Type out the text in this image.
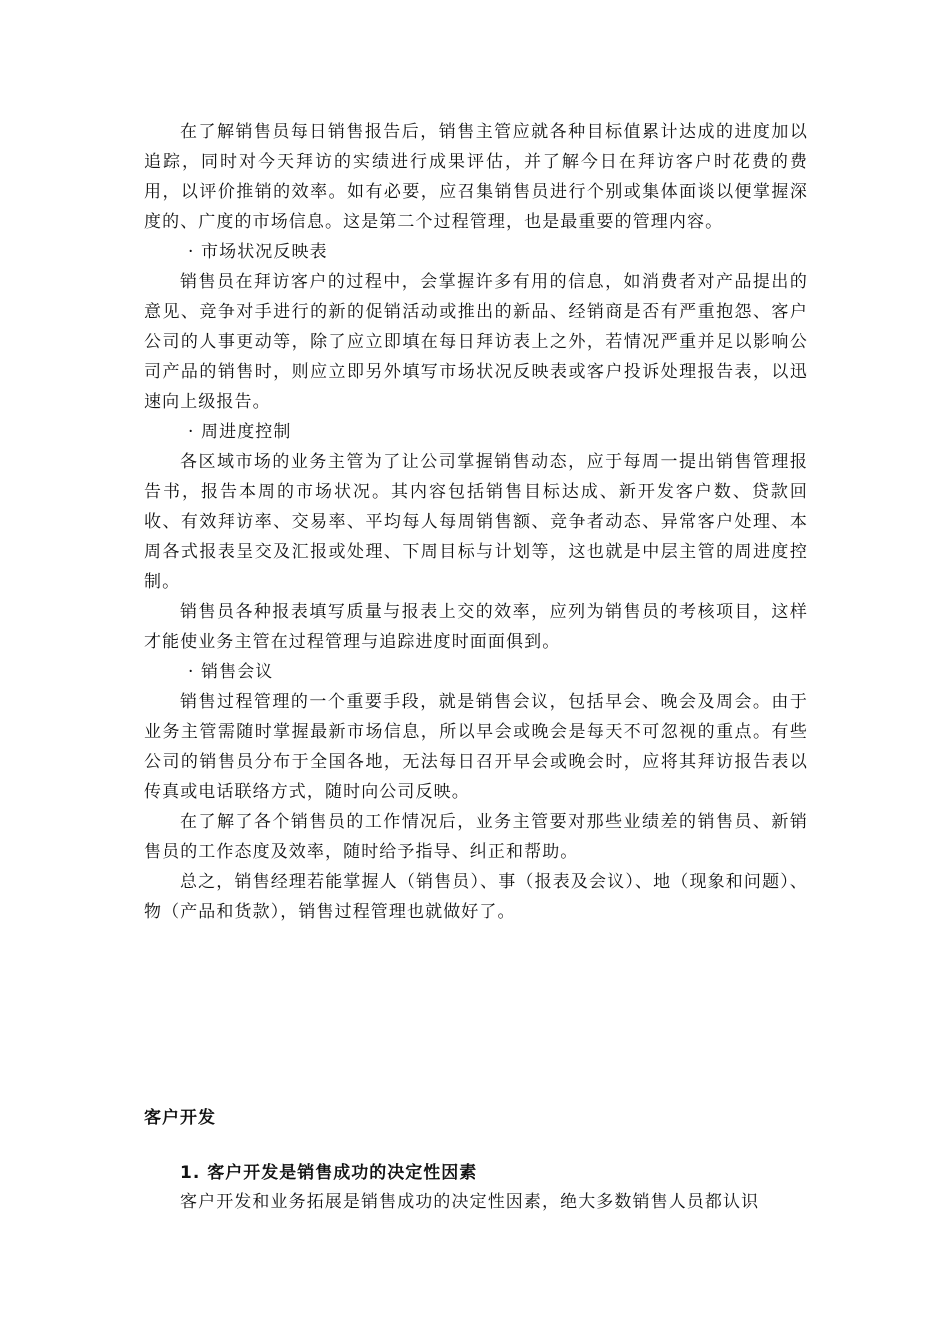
在了解销售员每日销售报告后，销售主管应就各种目标值累计达成的进度加以追踪，同时对今天拜访的实绩进行成果评估，并了解今日在拜访客户时花费的费用，以评价推销的效率。如有必要，应召集销售员进行个别或集体面谈以便掌握深度的、广度的市场信息。这是第二个过程管理，也是最重要的管理内容。

· 市场状况反映表

销售员在拜访客户的过程中，会掌握许多有用的信息，如消费者对产品提出的意见、竞争对手进行的新的促销活动或推出的新品、经销商是否有严重抱怨、客户公司的人事更动等，除了应立即填在每日拜访表上之外，若情况严重并足以影响公司产品的销售时，则应立即另外填写市场状况反映表或客户投诉处理报告表，以迅速向上级报告。

· 周进度控制

各区域市场的业务主管为了让公司掌握销售动态，应于每周一提出销售管理报告书，报告本周的市场状况。其内容包括销售目标达成、新开发客户数、贷款回收、有效拜访率、交易率、平均每人每周销售额、竞争者动态、异常客户处理、本周各式报表呈交及汇报或处理、下周目标与计划等，这也就是中层主管的周进度控制。

销售员各种报表填写质量与报表上交的效率，应列为销售员的考核项目，这样才能使业务主管在过程管理与追踪进度时面面俱到。

· 销售会议

销售过程管理的一个重要手段，就是销售会议，包括早会、晚会及周会。由于业务主管需随时掌握最新市场信息，所以早会或晚会是每天不可忽视的重点。有些公司的销售员分布于全国各地，无法每日召开早会或晚会时，应将其拜访报告表以传真或电话联络方式，随时向公司反映。

在了解了各个销售员的工作情况后，业务主管要对那些业绩差的销售员、新销售员的工作态度及效率，随时给予指导、纠正和帮助。

总之，销售经理若能掌握人（销售员）、事（报表及会议）、地（现象和问题）、物（产品和货款），销售过程管理也就做好了。

客户开发
1. 客户开发是销售成功的决定性因素

客户开发和业务拓展是销售成功的决定性因素，绝大多数销售人员都认识
